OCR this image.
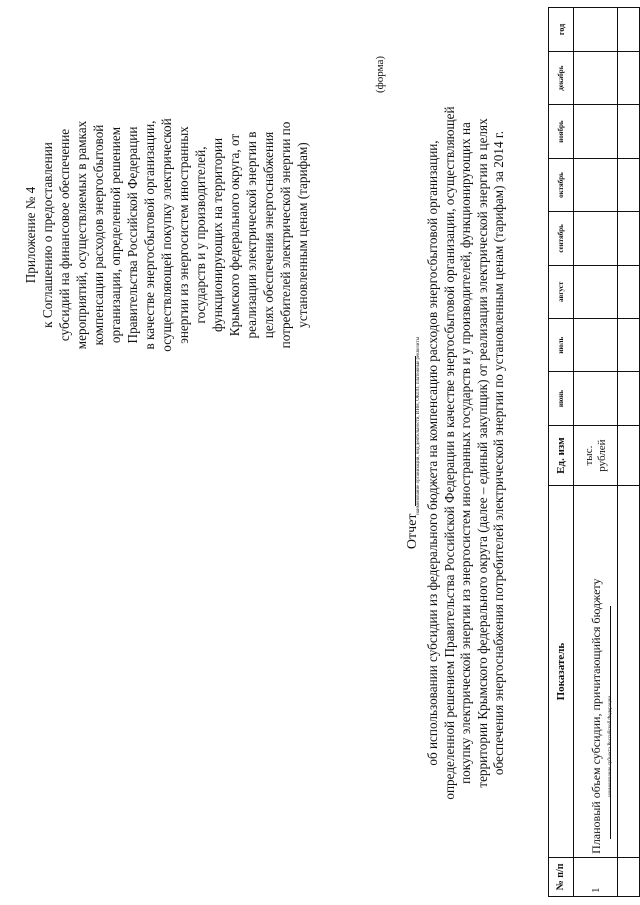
Приложение № 4 к Соглашению о предоставлении субсидий на финансовое обеспечение мероприятий, осуществляемых в рамках компенсации расходов энергосбытовой организации, определенной решением Правительства Российской Федерации в качестве энергосбытовой организации, осуществляющей покупку электрической энергии из энергосистем иностранных государств и у производителей, функционирующих на территории Крымского федерального округа, от реализации электрической энергии в целях обеспечения энергоснабжения потребителей электрической энергии по установленным ценам (тарифам)
(форма)
Отчет
наименование организации, вид деятельности, ИНН, ОКПО, платежные реквизиты об использовании субсидии из федерального бюджета на компенсацию расходов энергосбытовой организации, определенной решением Правительства Российской Федерации в качестве энергосбытовой организации, осуществляющей покупку электрической энергии из энергосистем иностранных государств и у производителей, функционирующих на территории Крымского федерального округа (далее – единый закупщик) от реализации электрической энергии в целях обеспечения энергоснабжения потребителей электрической энергии по установленным ценам (тарифам) за 2014 г.
№ п/п	Показатель	Ед. изм	июнь	июль	август	сентябрь	октябрь	ноябрь	декабрь	год
1	Плановый объем субсидии, причитающийся бюджету наименование субъекта Российской Федерации	тыс. рублей								
